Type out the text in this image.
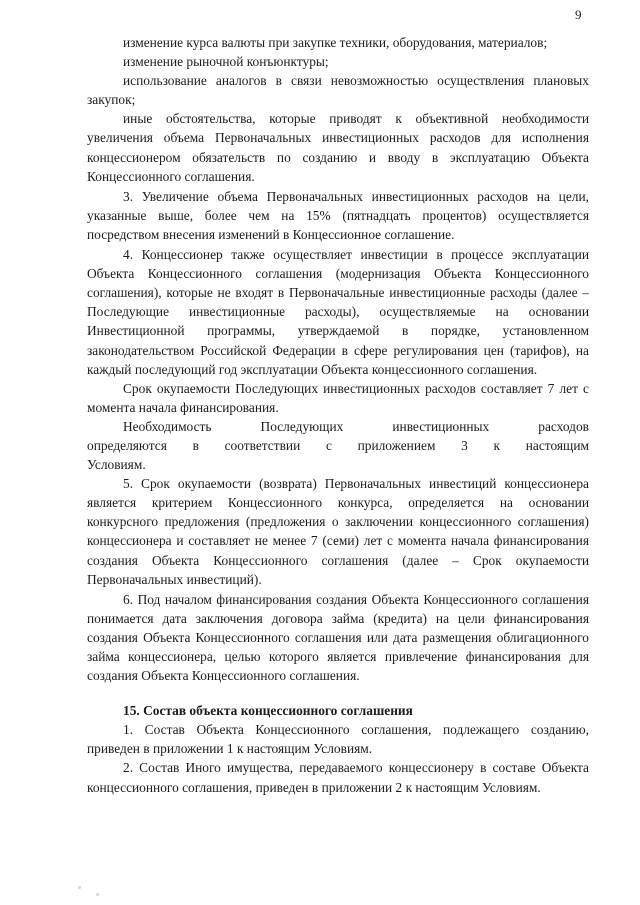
9

изменение курса валюты при закупке техники, оборудования, материалов;

изменение рыночной конъюнктуры;

использование аналогов в связи невозможностью осуществления плановых закупок;

иные обстоятельства, которые приводят к объективной необходимости увеличения объема Первоначальных инвестиционных расходов для исполнения концессионером обязательств по созданию и вводу в эксплуатацию Объекта Концессионного соглашения.

3. Увеличение объема Первоначальных инвестиционных расходов на цели, указанные выше, более чем на 15% (пятнадцать процентов) осуществляется посредством внесения изменений в Концессионное соглашение.

4. Концессионер также осуществляет инвестиции в процессе эксплуатации Объекта Концессионного соглашения (модернизация Объекта Концессионного соглашения), которые не входят в Первоначальные инвестиционные расходы (далее – Последующие инвестиционные расходы), осуществляемые на основании Инвестиционной программы, утверждаемой в порядке, установленном законодательством Российской Федерации в сфере регулирования цен (тарифов), на каждый последующий год эксплуатации Объекта концессионного соглашения.

Срок окупаемости Последующих инвестиционных расходов составляет 7 лет с момента начала финансирования.

Необходимость Последующих инвестиционных расходов определяются в соответствии с приложением 3 к настоящим Условиям.

5. Срок окупаемости (возврата) Первоначальных инвестиций концессионера является критерием Концессионного конкурса, определяется на основании конкурсного предложения (предложения о заключении концессионного соглашения) концессионера и составляет не менее 7 (семи) лет с момента начала финансирования создания Объекта Концессионного соглашения (далее – Срок окупаемости Первоначальных инвестиций).

6. Под началом финансирования создания Объекта Концессионного соглашения понимается дата заключения договора займа (кредита) на цели финансирования создания Объекта Концессионного соглашения или дата размещения облигационного займа концессионера, целью которого является привлечение финансирования для создания Объекта Концессионного соглашения.

15. Состав объекта концессионного соглашения

1. Состав Объекта Концессионного соглашения, подлежащего созданию, приведен в приложении 1 к настоящим Условиям.

2. Состав Иного имущества, передаваемого концессионеру в составе Объекта концессионного соглашения, приведен в приложении 2 к настоящим Условиям.
